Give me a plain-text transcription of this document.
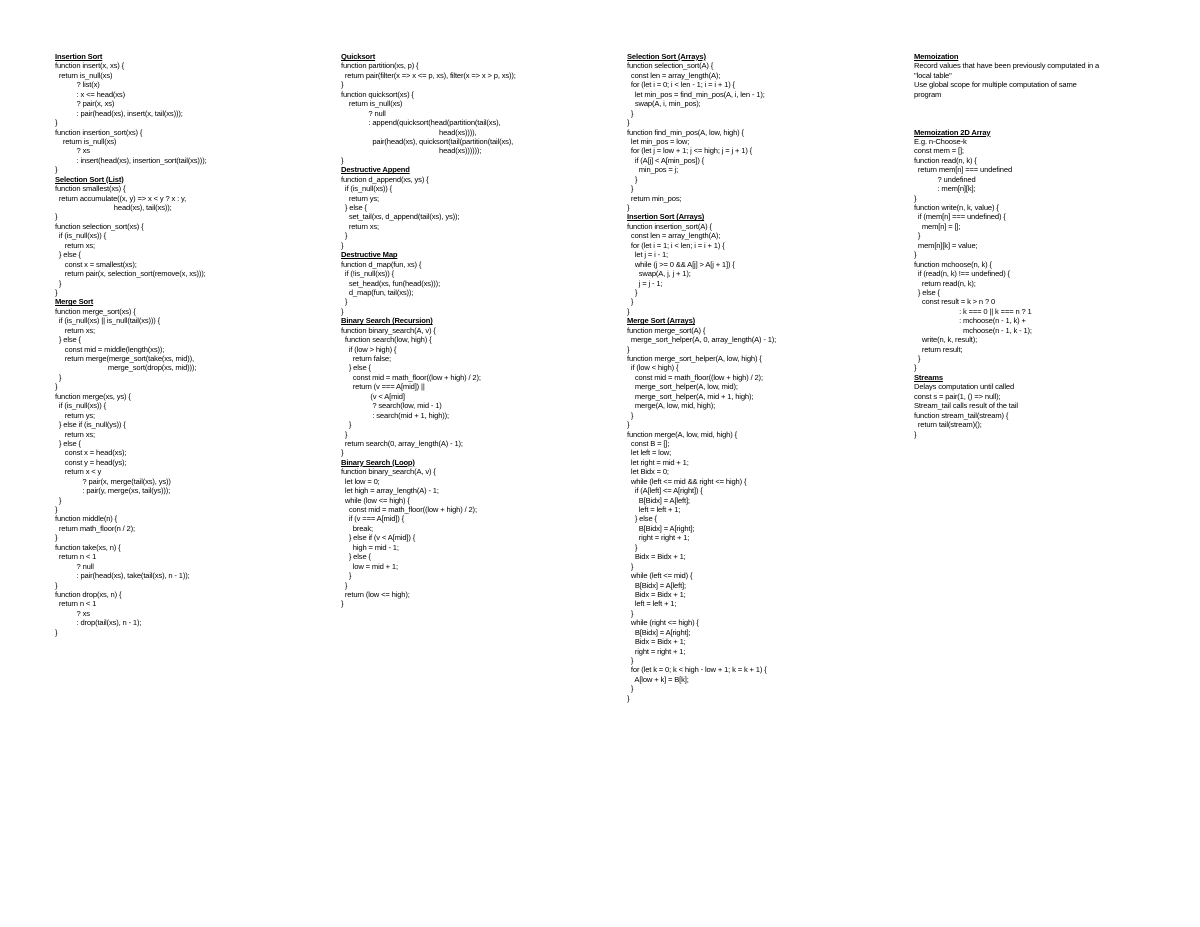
Insertion Sort
function insert(x, xs) {
return is_null(xs)
? list(x)
: x <= head(xs)
? pair(x, xs)
: pair(head(xs), insert(x, tail(xs)));
}
function insertion_sort(xs) {
return is_null(xs)
? xs
: insert(head(xs), insertion_sort(tail(xs)));
}
Selection Sort (List)
function smallest(xs) {
return accumulate((x, y) => x < y ? x : y,
head(xs), tail(xs));
}
function selection_sort(xs) {
if (is_null(xs)) {
return xs;
} else {
const x = smallest(xs);
return pair(x, selection_sort(remove(x, xs)));
}
}
Merge Sort
function merge_sort(xs) {
if (is_null(xs) || is_null(tail(xs))) {
return xs;
} else {
const mid = middle(length(xs));
return merge(merge_sort(take(xs, mid)),
merge_sort(drop(xs, mid)));
}
}
function merge(xs, ys) {
if (is_null(xs)) {
return ys;
} else if (is_null(ys)) {
return xs;
} else {
const x = head(xs);
const y = head(ys);
return x < y
? pair(x, merge(tail(xs), ys))
: pair(y, merge(xs, tail(ys)));
}
}
function middle(n) {
return math_floor(n / 2);
}
function take(xs, n) {
return n < 1
? null
: pair(head(xs), take(tail(xs), n - 1));
}
function drop(xs, n) {
return n < 1
? xs
: drop(tail(xs), n - 1);
}
Quicksort
function partition(xs, p) {
return pair(filter(x => x <= p, xs), filter(x => x > p, xs));
}
function quicksort(xs) {
return is_null(xs)
? null
: append(quicksort(head(partition(tail(xs),
head(xs)))),
pair(head(xs), quicksort(tail(partition(tail(xs),
head(xs))))));
}
Destructive Append
function d_append(xs, ys) {
if (is_null(xs)) {
return ys;
} else {
set_tail(xs, d_append(tail(xs), ys));
return xs;
}
}
Destructive Map
function d_map(fun, xs) {
if (!is_null(xs)) {
set_head(xs, fun(head(xs)));
d_map(fun, tail(xs));
}
}
Binary Search (Recursion)
function binary_search(A, v) {
function search(low, high) {
if (low > high) {
return false;
} else {
const mid = math_floor((low + high) / 2);
return (v === A[mid]) ||
(v < A[mid]
? search(low, mid - 1)
: search(mid + 1, high));
}
}
return search(0, array_length(A) - 1);
}
Binary Search (Loop)
function binary_search(A, v) {
let low = 0;
let high = array_length(A) - 1;
while (low <= high) {
const mid = math_floor((low + high) / 2);
if (v === A[mid]) {
break;
} else if (v < A[mid]) {
high = mid - 1;
} else {
low = mid + 1;
}
}
return (low <= high);
}
Selection Sort (Arrays)
function selection_sort(A) {
const len = array_length(A);
for (let i = 0; i < len - 1; i = i + 1) {
let min_pos = find_min_pos(A, i, len - 1);
swap(A, i, min_pos);
}
}
function find_min_pos(A, low, high) {
let min_pos = low;
for (let j = low + 1; j <= high; j = j + 1) {
if (A[j] < A[min_pos]) {
min_pos = j;
}
}
return min_pos;
}
Insertion Sort (Arrays)
function insertion_sort(A) {
const len = array_length(A);
for (let i = 1; i < len; i = i + 1) {
let j = i - 1;
while (j >= 0 && A[j] > A[j + 1]) {
swap(A, j, j + 1);
j = j - 1;
}
}
}
Merge Sort (Arrays)
function merge_sort(A) {
merge_sort_helper(A, 0, array_length(A) - 1);
}
function merge_sort_helper(A, low, high) {
if (low < high) {
const mid = math_floor((low + high) / 2);
merge_sort_helper(A, low, mid);
merge_sort_helper(A, mid + 1, high);
merge(A, low, mid, high);
}
}
function merge(A, low, mid, high) {
const B = [];
let left = low;
let right = mid + 1;
let Bidx = 0;
while (left <= mid && right <= high) {
if (A[left] <= A[right]) {
B[Bidx] = A[left];
left = left + 1;
} else {
B[Bidx] = A[right];
right = right + 1;
}
Bidx = Bidx + 1;
}
while (left <= mid) {
B[Bidx] = A[left];
Bidx = Bidx + 1;
left = left + 1;
}
while (right <= high) {
B[Bidx] = A[right];
Bidx = Bidx + 1;
right = right + 1;
}
for (let k = 0; k < high - low + 1; k = k + 1) {
A[low + k] = B[k];
}
}
Memoization
Record values that have been previously computated in a
"local table"
Use global scope for multiple computation of same
program
Memoization 2D Array
E.g. n-Choose-k
const mem = [];
function read(n, k) {
return mem[n] === undefined
? undefined
: mem[n][k];
}
function write(n, k, value) {
if (mem[n] === undefined) {
mem[n] = [];
}
mem[n][k] = value;
}
function mchoose(n, k) {
if (read(n, k) !== undefined) {
return read(n, k);
} else {
const result = k > n ? 0
: k === 0 || k === n ? 1
: mchoose(n - 1, k) +
mchoose(n - 1, k - 1);
write(n, k, result);
return result;
}
}
Streams
Delays computation until called
const s = pair(1, () => null);
Stream_tail calls result of the tail
function stream_tail(stream) {
return tail(stream)();
}
